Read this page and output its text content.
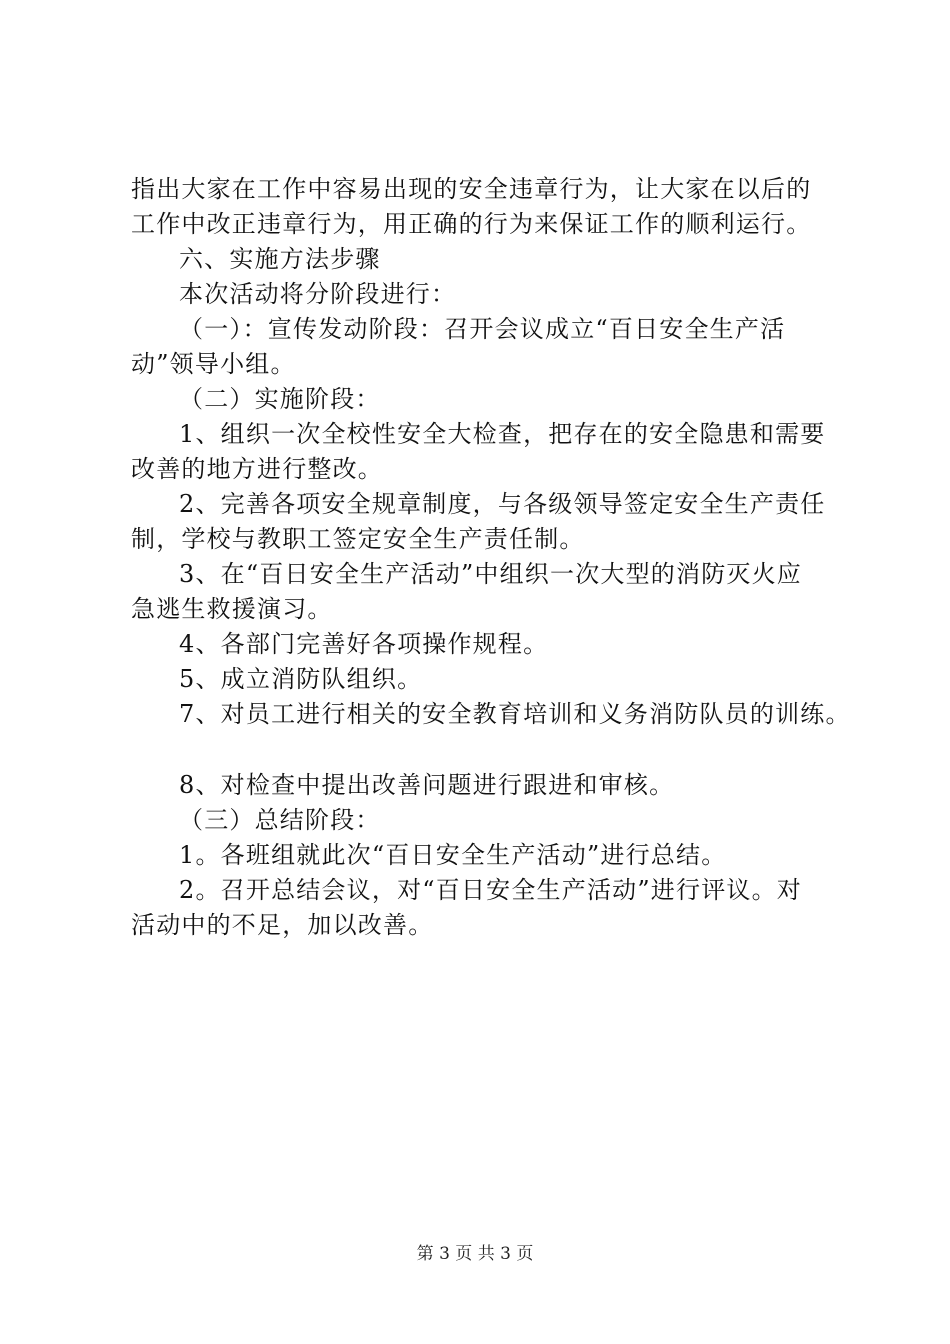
指出大家在工作中容易出现的安全违章行为，让大家在以后的
工作中改正违章行为，用正确的行为来保证工作的顺利运行。
六、实施方法步骤
本次活动将分阶段进行：
（一）：宣传发动阶段：召开会议成立“百日安全生产活
动”领导小组。
（二）实施阶段：
1、组织一次全校性安全大检查，把存在的安全隐患和需要
改善的地方进行整改。
2、完善各项安全规章制度，与各级领导签定安全生产责任
制，学校与教职工签定安全生产责任制。
3、在“百日安全生产活动”中组织一次大型的消防灭火应
急逃生救援演习。
4、各部门完善好各项操作规程。
5、成立消防队组织。
7、对员工进行相关的安全教育培训和义务消防队员的训练。
8、对检查中提出改善问题进行跟进和审核。
（三）总结阶段：
1。各班组就此次“百日安全生产活动”进行总结。
2。召开总结会议，对“百日安全生产活动”进行评议。对
活动中的不足，加以改善。
第 3 页 共 3 页
